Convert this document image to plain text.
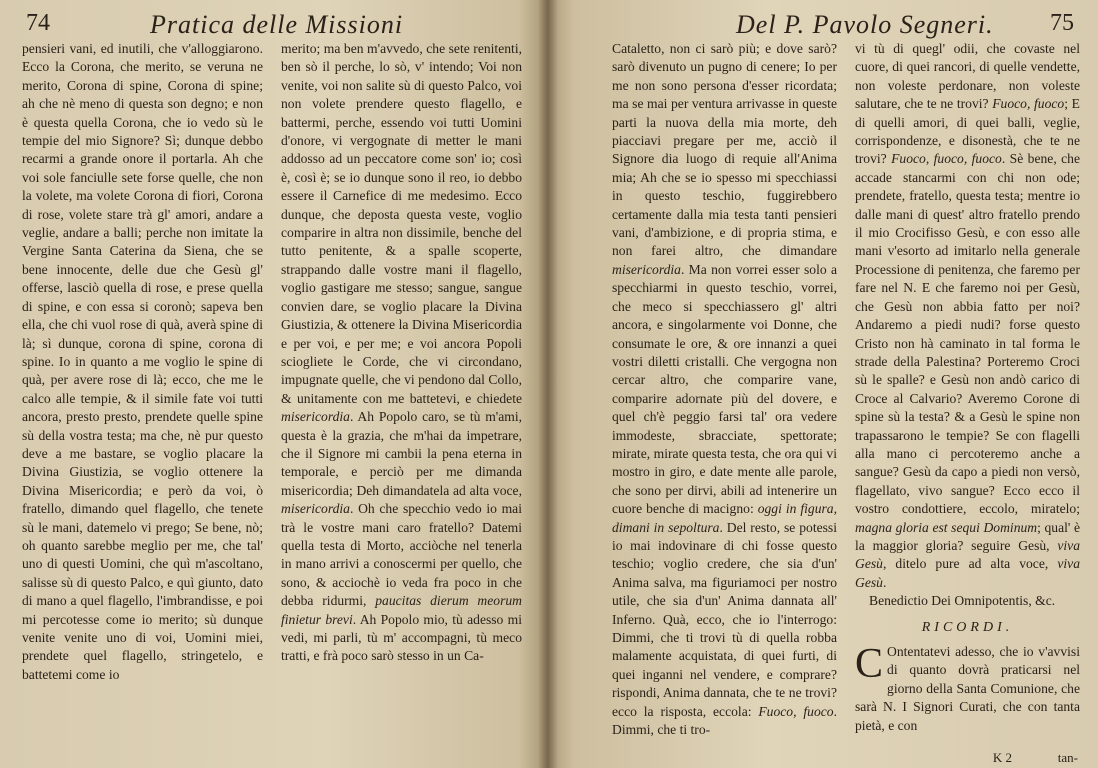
74	Pratica delle Missioni

pensieri vani, ed inutili, che v'alloggiarono. Ecco la Corona, che merito, se veruna ne merito, Corona di spine, Corona di spine; ah che nè meno di questa son degno; e non è questa quella Corona, che io vedo sù le tempie del mio Signore? Sì; dunque debbo recarmi a grande onore il portarla. Ah che voi sole fanciulle sete forse quelle, che non la volete, ma volete Corona di fiori, Corona di rose, volete stare trà gl' amori, andare a veglie, andare a balli; perche non imitate la Vergine Santa Caterina da Siena, che se bene innocente, delle due che Gesù gl' offerse, lasciò quella di rose, e prese quella di spine, e con essa si coronò; sapeva ben ella, che chi vuol rose di quà, averà spine di là; sì dunque, corona di spine, corona di spine. Io in quanto a me voglio le spine di quà, per avere rose di là; ecco, che me le calco alle tempie, & il simile fate voi tutti ancora, presto presto, prendete quelle spine sù della vostra testa; ma che, nè pur questo deve a me bastare, se voglio placare la Divina Giustizia, se voglio ottenere la Divina Misericordia; e però da voi, ò fratello, dimando quel flagello, che tenete sù le mani, datemelo vi prego; Se bene, nò; oh quanto sarebbe meglio per me, che tal' uno di questi Uomini, che quì m'ascoltano, salisse sù di questo Palco, e quì giunto, dato di mano a quel flagello, l'imbrandisse, e poi mi percotesse come io merito; sù dunque venite venite uno di voi, Uomini miei, prendete quel flagello, stringetelo, e battetemi come io

merito; ma ben m'avvedo, che sete renitenti, ben sò il perche, lo sò, v' intendo; Voi non venite, voi non salite sù di questo Palco, voi non volete prendere questo flagello, e battermi, perche, essendo voi tutti Uomini d'onore, vi vergognate di metter le mani addosso ad un peccatore come son' io; così è, così è; se io dunque sono il reo, io debbo essere il Carnefice di me medesimo. Ecco dunque, che deposta questa veste, voglio comparire in altra non dissimile, benche del tutto penitente, & a spalle scoperte, strappando dalle vostre mani il flagello, voglio gastigare me stesso; sangue, sangue convien dare, se voglio placare la Divina Giustizia, & ottenere la Divina Misericordia e per voi, e per me; e voi ancora Popoli sciogliete le Corde, che vi circondano, impugnate quelle, che vi pendono dal Collo, & unitamente con me battetevi, e chiedete misericordia. Ah Popolo caro, se tù m'ami, questa è la grazia, che m'hai da impetrare, che il Signore mi cambii la pena eterna in temporale, e perciò per me dimanda misericordia; Deh dimandatela ad alta voce, misericordia. Oh che specchio vedo io mai trà le vostre mani caro fratello? Datemi quella testa di Morto, acciòche nel tenerla in mano arrivi a conoscermi per quello, che sono, & acciochè io veda fra poco in che debba ridurmi, paucitas dierum meorum finietur brevi. Ah Popolo mio, tù adesso mi vedi, mi parli, tù m' accompagni, tù meco tratti, e frà poco sarò stesso in un Ca-

Del P. Pavolo Segneri. 75

Cataletto, non ci sarò più; e dove sarò? sarò divenuto un pugno di cenere; Io per me non sono persona d'esser ricordata; ma se mai per ventura arrivasse in queste parti la nuova della mia morte, deh piacciavi pregare per me, acciò il Signore dia luogo di requie all'Anima mia; Ah che se io spesso mi specchiassi in questo teschio, fuggirebbero certamente dalla mia testa tanti pensieri vani, d'ambizione, e di propria stima, e non farei altro, che dimandare misericordia. Ma non vorrei esser solo a specchiarmi in questo teschio, vorrei, che meco si specchiassero gl' altri ancora, e singolarmente voi Donne, che consumate le ore, & ore innanzi a quei vostri diletti cristalli. Che vergogna non cercar altro, che comparire vane, comparire adornate più del dovere, e quel ch'è peggio farsi tal' ora vedere immodeste, sbracciate, spettorate; mirate, mirate questa testa, che ora qui vi mostro in giro, e date mente alle parole, che sono per dirvi, abili ad intenerire un cuore benche di macigno: oggi in figura, dimani in sepoltura. Del resto, se potessi io mai indovinare di chi fosse questo teschio; voglio credere, che sia d'un' Anima salva, ma figuriamoci per nostro utile, che sia d'un' Anima dannata all' Inferno. Quà, ecco, che io l'interrogo: Dimmi, che ti trovi tù di quella robba malamente acquistata, di quei furti, di quei inganni nel vendere, e comprare? rispondi, Anima dannata, che te ne trovi? ecco la risposta, eccola: Fuoco, fuoco. Dimmi, che ti tro-

vi tù di quegl' odii, che covaste nel cuore, di quei rancori, di quelle vendette, non voleste perdonare, non voleste salutare, che te ne trovi? Fuoco, fuoco; E di quelli amori, di quei balli, veglie, corrispondenze, e disonestà, che te ne trovi? Fuoco, fuoco, fuoco. Sè bene, che accade stancarmi con chi non ode; prendete, fratello, questa testa; mentre io dalle mani di quest' altro fratello prendo il mio Crocifisso Gesù, e con esso alle mani v'esorto ad imitarlo nella generale Processione di penitenza, che faremo per fare nel N. E che faremo noi per Gesù, che Gesù non abbia fatto per noi? Andaremo a piedi nudi? forse questo Cristo non hà caminato in tal forma le strade della Palestina? Porteremo Croci sù le spalle? e Gesù non andò carico di Croce al Calvario? Averemo Corone di spine sù la testa? & a Gesù le spine non trapassarono le tempie? Se con flagelli alla mano ci percoteremo anche a sangue? Gesù da capo a piedi non versò, flagellato, vivo sangue? Ecco ecco il vostro condottiere, eccolo, miratelo; magna gloria est sequi Dominum; qual' è la maggior gloria? seguire Gesù, viva Gesù, ditelo pure ad alta voce, viva Gesù.

Benedictio Dei Omnipotentis, &c.

RICORDI.

C Ontentatevi adesso, che io v'avvisi di quanto dovrà praticarsi nel giorno della Santa Comunione, che sarà N. I Signori Curati, che con tanta pietà, e con

K 2	tan-
